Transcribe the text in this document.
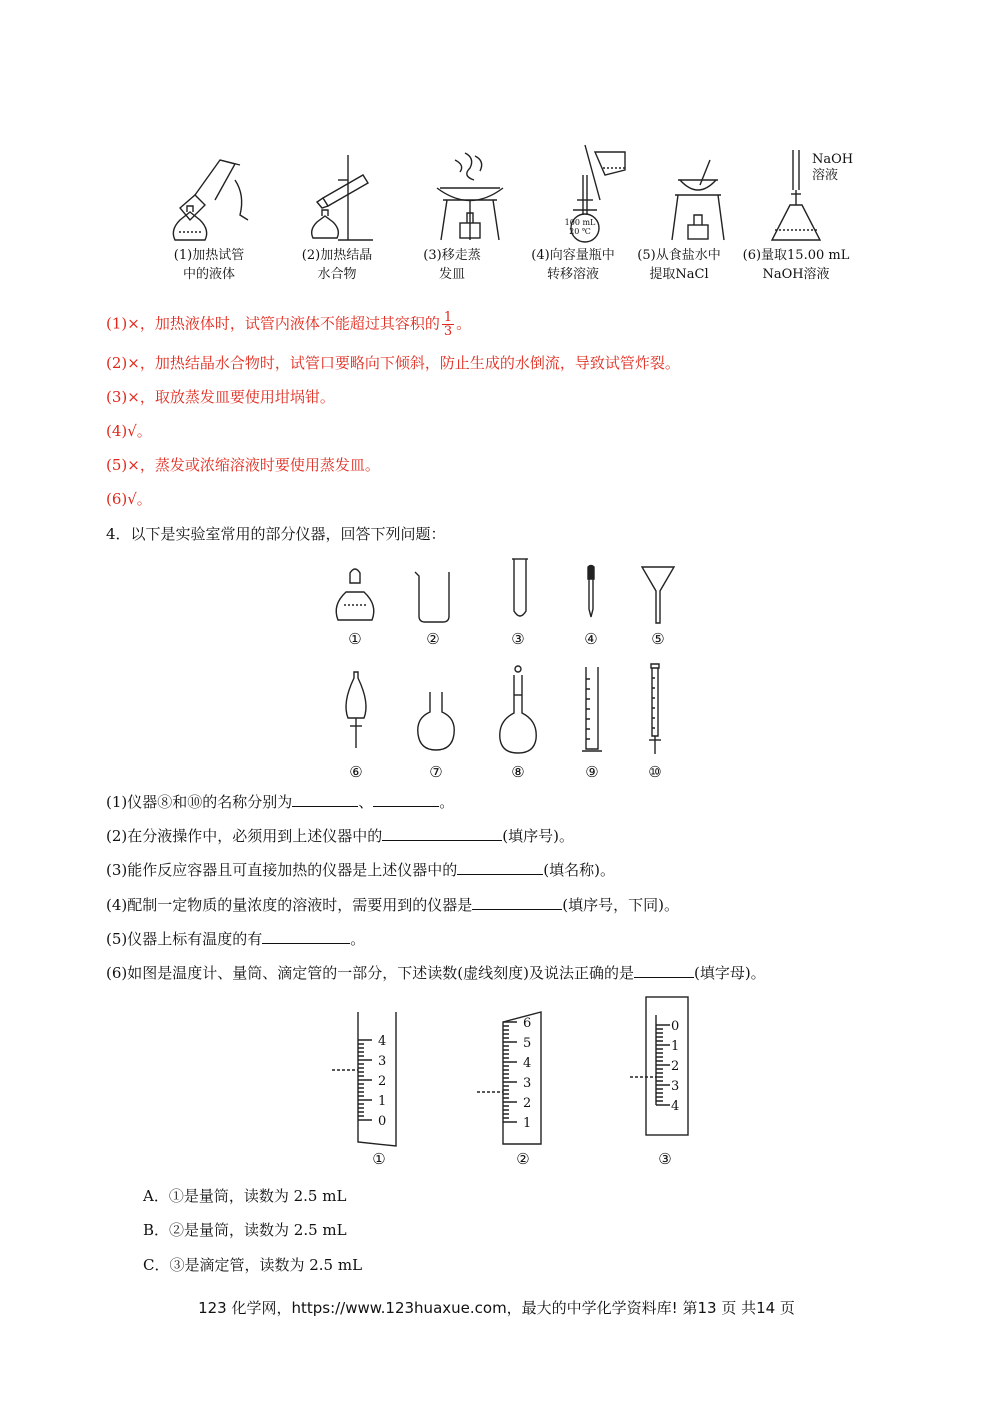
NaOH
溶液
100 mL
20 ℃
(1)加热试管
中的液体
(2)加热结晶
水合物
(3)移走蒸
发皿
(4)向容量瓶中
转移溶液
(5)从食盐水中
提取NaCl
(6)量取15.00 mL
NaOH溶液
(1)×，加热液体时，试管内液体不能超过其容积的 $\frac{1}{3}$ 。
(2)×，加热结晶水合物时，试管口要略向下倾斜，防止生成的水倒流，导致试管炸裂。
(3)×，取放蒸发皿要使用坩埚钳。
(4)√。
(5)×，蒸发或浓缩溶液时要使用蒸发皿。
(6)√。
4．以下是实验室常用的部分仪器，回答下列问题：
①	②	③	④	⑤
⑥	⑦	⑧	⑨	⑩
(1)仪器⑧和⑩的名称分别为	、	。
(2)在分液操作中，必须用到上述仪器中的	(填序号)。
(3)能作反应容器且可直接加热的仪器是上述仪器中的	(填名称)。
(4)配制一定物质的量浓度的溶液时，需要用到的仪器是	(填序号，下同)。
(5)仪器上标有温度的有	。
(6)如图是温度计、量筒、滴定管的一部分，下述读数(虚线刻度)及说法正确的是	(填字母)。
4
3
2
1
0
6
5
4
3
2
1
0
1
2
3
4
①	②	③
A．①是量筒，读数为 2.5 mL
B．②是量筒，读数为 2.5 mL
C．③是滴定管，读数为 2.5 mL
123 化学网，https://www.123huaxue.com，最大的中学化学资料库! 第13 页 共14 页
